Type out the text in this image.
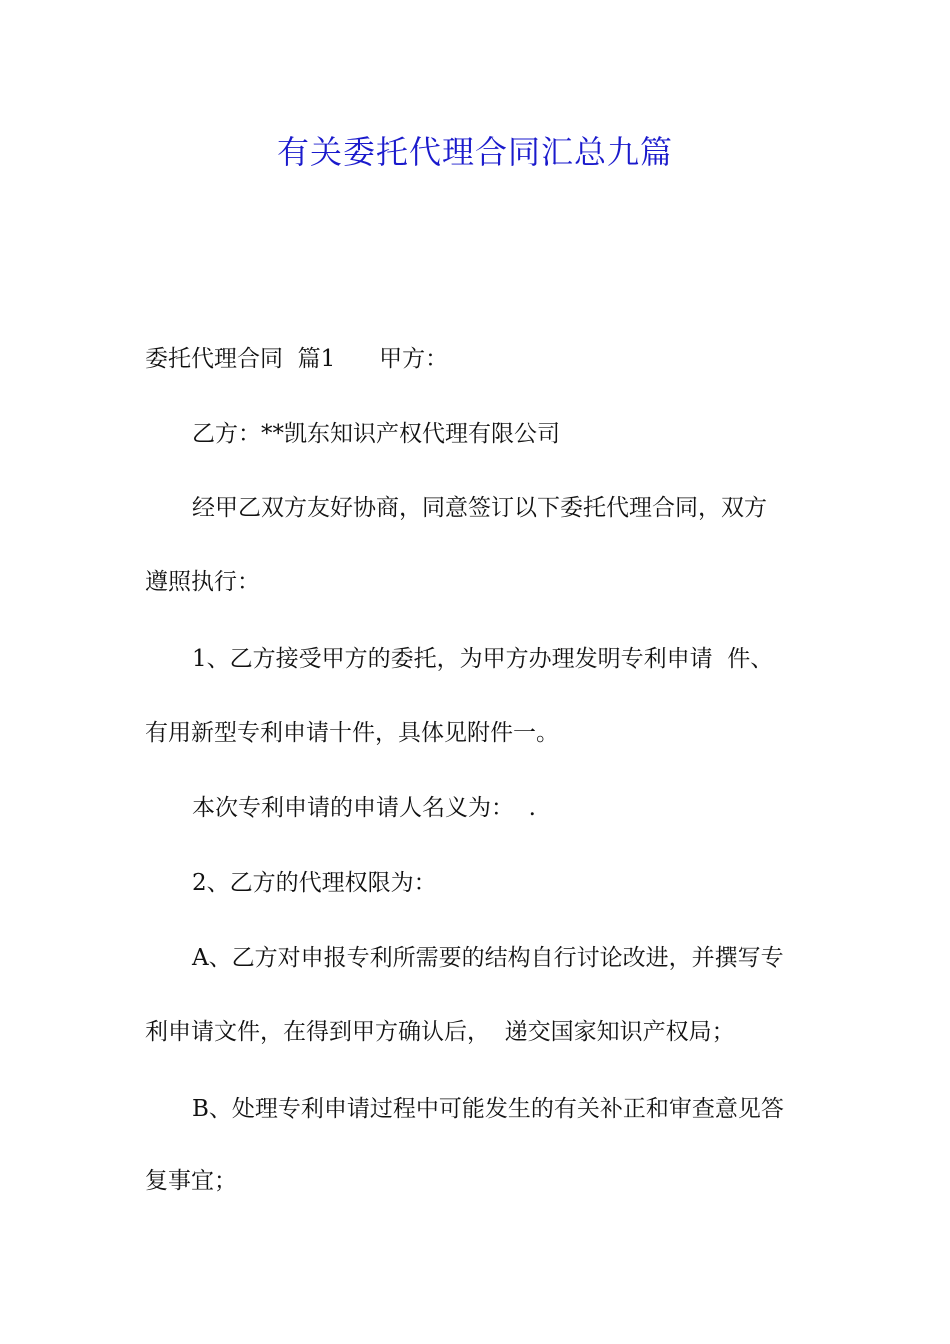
有关委托代理合同汇总九篇
委托代理合同  篇1      甲方：
乙方：**凯东知识产权代理有限公司
经甲乙双方友好协商，同意签订以下委托代理合同，双方
遵照执行：
1、乙方接受甲方的委托，为甲方办理发明专利申请  件、
有用新型专利申请十件，具体见附件一。
本次专利申请的申请人名义为：  .
2、乙方的代理权限为：
A、乙方对申报专利所需要的结构自行讨论改进，并撰写专
利申请文件，在得到甲方确认后，  递交国家知识产权局；
B、处理专利申请过程中可能发生的有关补正和审查意见答
复事宜；
